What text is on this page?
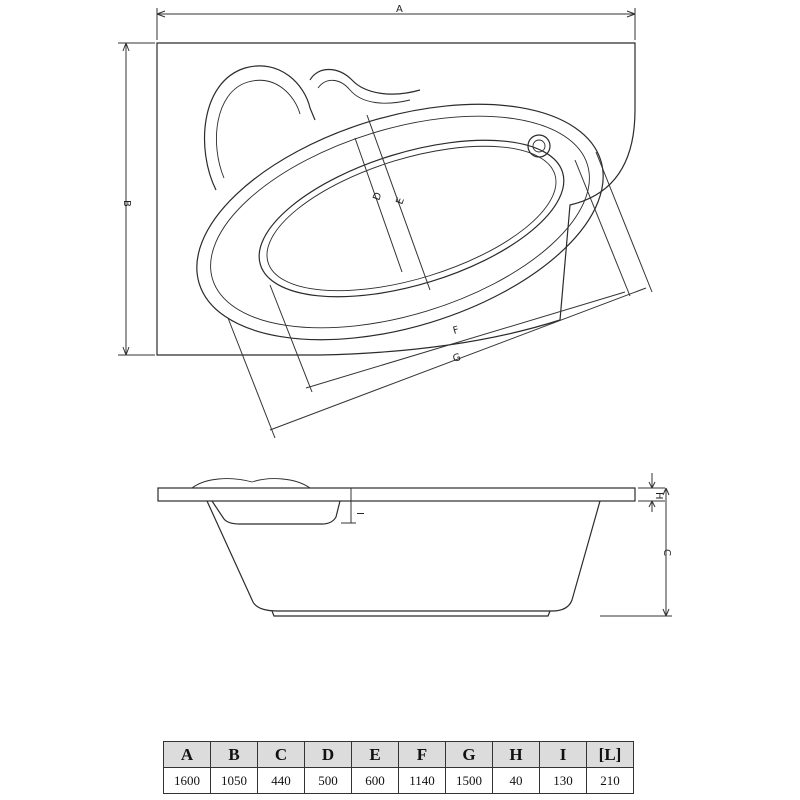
A
B
D E
F
G
H
C
I
A	B	C	D	E	F	G	H	I	[L]
1600	1050	440	500	600	1140	1500	40	130	210
